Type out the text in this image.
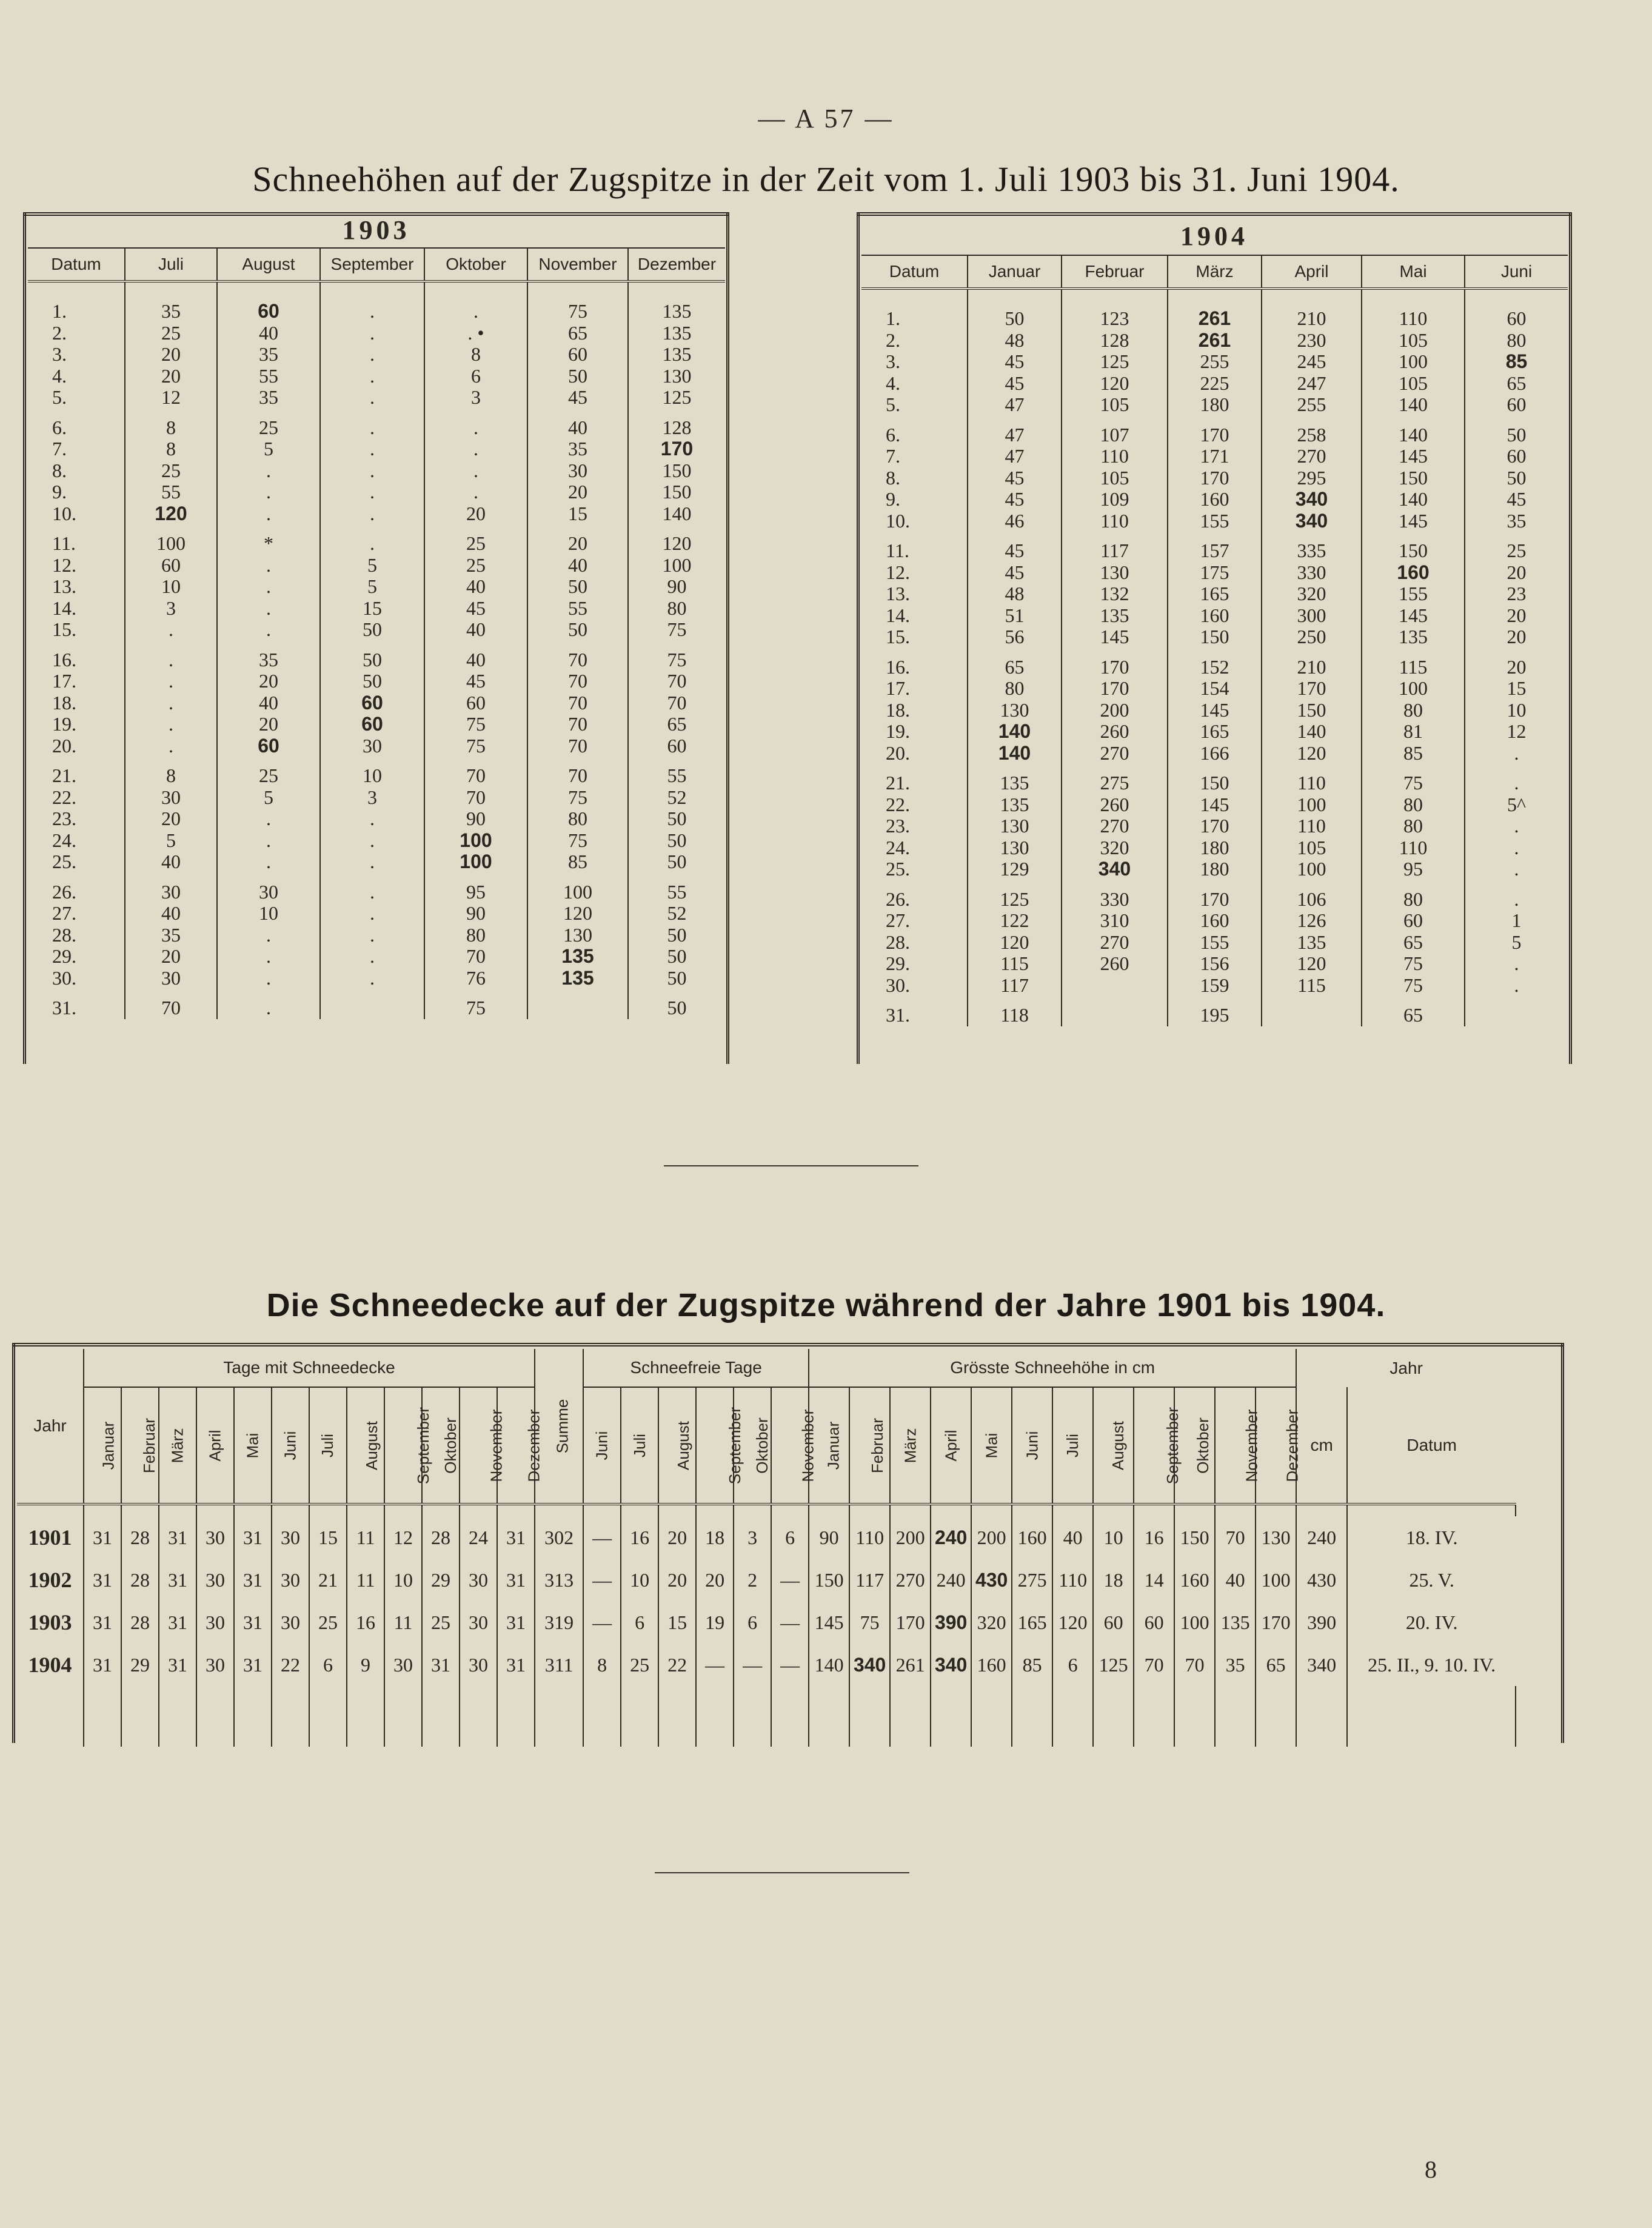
— A 57 —
Schneehöhen auf der Zugspitze in der Zeit vom 1. Juli 1903 bis 31. Juni 1904.
1903
Datum	Juli	August	September	Oktober	November	Dezember

1.	35	60	.	.	75	135
2.	25	40	.	. •	65	135
3.	20	35	.	8	60	135
4.	20	55	.	6	50	130
5.	12	35	.	3	45	125

6.	8	25	.	.	40	128
7.	8	5	.	.	35	170
8.	25	.	.	.	30	150
9.	55	.	.	.	20	150
10.	120	.	.	20	15	140

11.	100	*	.	25	20	120
12.	60	.	5	25	40	100
13.	10	.	5	40	50	90
14.	3	.	15	45	55	80
15.	.	.	50	40	50	75

16.	.	35	50	40	70	75
17.	.	20	50	45	70	70
18.	.	40	60	60	70	70
19.	.	20	60	75	70	65
20.	.	60	30	75	70	60

21.	8	25	10	70	70	55
22.	30	5	3	70	75	52
23.	20	.	.	90	80	50
24.	5	.	.	100	75	50
25.	40	.	.	100	85	50

26.	30	30	.	95	100	55
27.	40	10	.	90	120	52
28.	35	.	.	80	130	50
29.	20	.	.	70	135	50
30.	30	.	.	76	135	50

31.	70	.		75		50
1904
Datum	Januar	Februar	März	April	Mai	Juni

1.	50	123	261	210	110	60
2.	48	128	261	230	105	80
3.	45	125	255	245	100	85
4.	45	120	225	247	105	65
5.	47	105	180	255	140	60

6.	47	107	170	258	140	50
7.	47	110	171	270	145	60
8.	45	105	170	295	150	50
9.	45	109	160	340	140	45
10.	46	110	155	340	145	35

11.	45	117	157	335	150	25
12.	45	130	175	330	160	20
13.	48	132	165	320	155	23
14.	51	135	160	300	145	20
15.	56	145	150	250	135	20

16.	65	170	152	210	115	20
17.	80	170	154	170	100	15
18.	130	200	145	150	80	10
19.	140	260	165	140	81	12
20.	140	270	166	120	85	.

21.	135	275	150	110	75	.
22.	135	260	145	100	80	5^
23.	130	270	170	110	80	.
24.	130	320	180	105	110	.
25.	129	340	180	100	95	.

26.	125	330	170	106	80	.
27.	122	310	160	126	60	1
28.	120	270	155	135	65	5
29.	115	260	156	120	75	.
30.	117		159	115	75	.

31.	118		195		65	
Die Schneedecke auf der Zugspitze während der Jahre 1901 bis 1904.
Jahr	Tage mit Schneedecke												Summe	Schneefreie Tage						Grösste Schneehöhe in cm												Jahr		
	Januar	Februar	März	April	Mai	Juni	Juli	August	September	Oktober	November	Dezember		Juni	Juli	August	September	Oktober	November	Januar	Februar	März	April	Mai	Juni	Juli	August	September	Oktober	November	Dezember	cm	Datum	

1901	31	28	31	30	31	30	15	11	12	28	24	31	302	—	16	20	18	3	6	90	110	200	240	200	160	40	10	16	150	70	130	240	18. IV.	
1902	31	28	31	30	31	30	21	11	10	29	30	31	313	—	10	20	20	2	—	150	117	270	240	430	275	110	18	14	160	40	100	430	25. V.	
1903	31	28	31	30	31	30	25	16	11	25	30	31	319	—	6	15	19	6	—	145	75	170	390	320	165	120	60	60	100	135	170	390	20. IV.	
1904	31	29	31	30	31	22	6	9	30	31	30	31	311	8	25	22	—	—	—	140	340	261	340	160	85	6	125	70	70	35	65	340	25. II., 9. 10. IV.	

8
